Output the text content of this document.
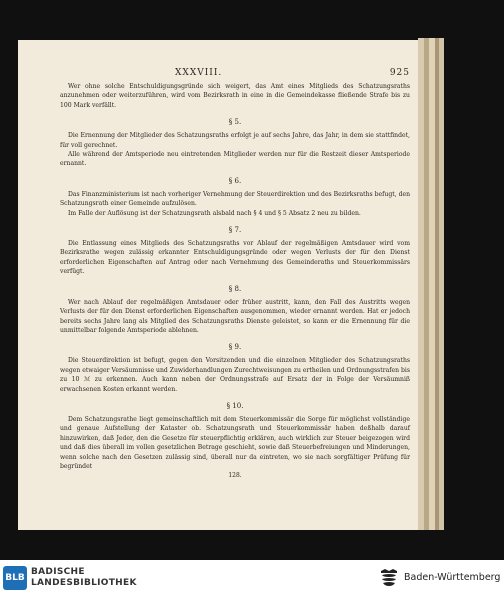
XXXVIII.	925

Wer ohne solche Entschuldigungsgründe sich weigert, das Amt eines Mitglieds des Schatzungsraths anzunehmen oder weiterzuführen, wird vom Bezirksrath in eine in die Gemeindekasse fließende Strafe bis zu 100 Mark verfällt.

§ 5.

Die Ernennung der Mitglieder des Schatzungsraths erfolgt je auf sechs Jahre, das Jahr, in dem sie stattfindet, für voll gerechnet.

Alle während der Amtsperiode neu eintretenden Mitglieder werden nur für die Restzeit dieser Amtsperiode ernannt.

§ 6.

Das Finanzministerium ist nach vorheriger Vernehmung der Steuerdirektion und des Bezirksraths befugt, den Schatzungsrath einer Gemeinde aufzulösen.

Im Falle der Auflösung ist der Schatzungsrath alsbald nach § 4 und § 5 Absatz 2 neu zu bilden.

§ 7.

Die Entlassung eines Mitglieds des Schatzungsraths vor Ablauf der regelmäßigen Amtsdauer wird vom Bezirksrathe wegen zulässig erkannter Entschuldigungsgründe oder wegen Verlusts der für den Dienst erforderlichen Eigenschaften auf Antrag oder nach Vernehmung des Gemeinderaths und Steuerkommissärs verfügt.

§ 8.

Wer nach Ablauf der regelmäßigen Amtsdauer oder früher austritt, kann, den Fall des Austritts wegen Verlusts der für den Dienst erforderlichen Eigenschaften ausgenommen, wieder ernannt werden. Hat er jedoch bereits sechs Jahre lang als Mitglied des Schatzungsraths Dienste geleistet, so kann er die Ernennung für die unmittelbar folgende Amtsperiode ablehnen.

§ 9.

Die Steuerdirektion ist befugt, gegen den Vorsitzenden und die einzelnen Mitglieder des Schatzungsraths wegen etwaiger Versäumnisse und Zuwiderhandlungen Zurechtweisungen zu ertheilen und Ordnungsstrafen bis zu 10 ℳ zu erkennen. Auch kann neben der Ordnungsstrafe auf Ersatz der in Folge der Versäumniß erwachsenen Kosten erkannt werden.

§ 10.

Dem Schatzungsrathe liegt gemeinschaftlich mit dem Steuerkommissär die Sorge für möglichst vollständige und genaue Aufstellung der Kataster ob. Schatzungsrath und Steuerkommissär haben deßhalb darauf hinzuwirken, daß Jeder, den die Gesetze für steuerpflichtig erklären, auch wirklich zur Steuer beigezogen wird und daß dies überall im vollen gesetzlichen Betrage geschieht, sowie daß Steuerbefreiungen und Minderungen, wenn solche nach den Gesetzen zulässig sind, überall nur da eintreten, wo sie nach sorgfältiger Prüfung für begründet

128.
BLB
BADISCHE
LANDESBIBLIOTHEK	Baden-Württemberg
